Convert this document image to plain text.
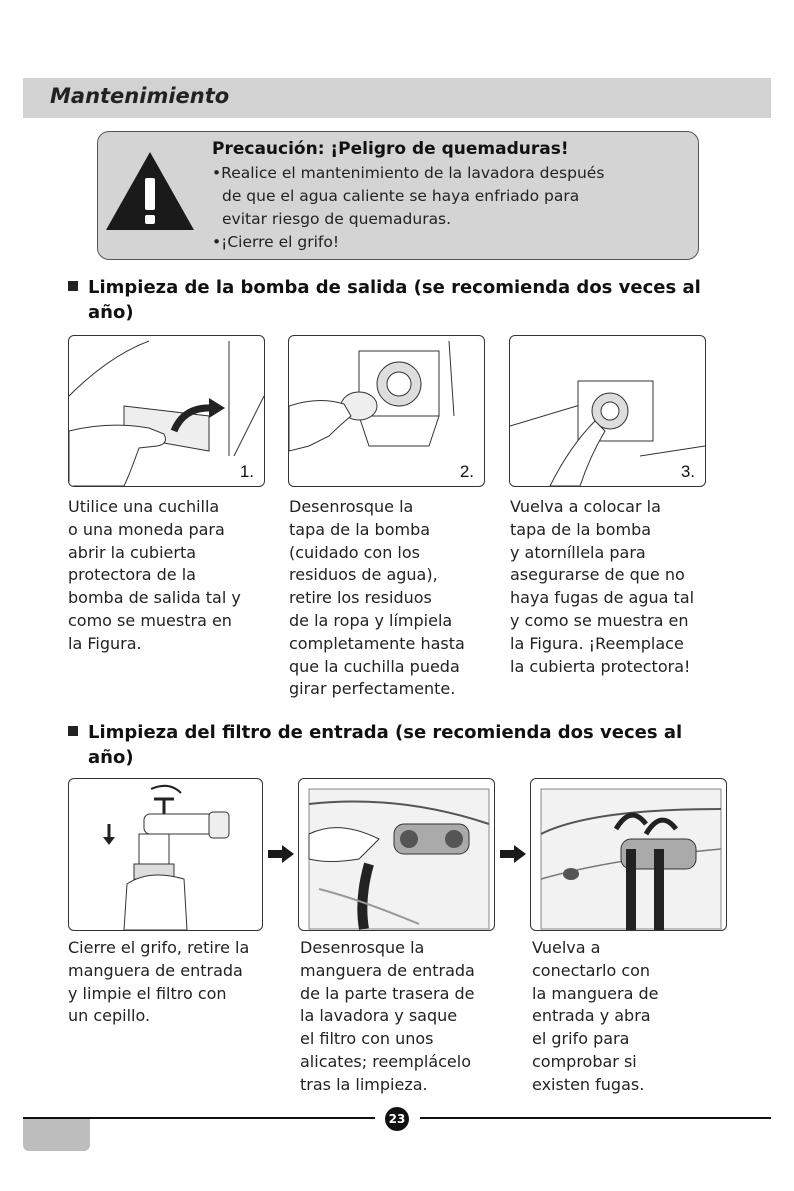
Mantenimiento
Precaución: ¡Peligro de quemaduras!
•Realice el mantenimiento de la lavadora después
de que el agua caliente se haya enfriado para
evitar riesgo de quemaduras.
•¡Cierre el grifo!
Limpieza de la bomba de salida (se recomienda dos veces al
año)
1.	2.	3.
Utilice una cuchilla
o una moneda para
abrir la cubierta
protectora de la
bomba de salida tal y
como se muestra en
la Figura.
Desenrosque la
tapa de la bomba
(cuidado con los
residuos de agua),
retire los residuos
de la ropa y límpiela
completamente hasta
que la cuchilla pueda
girar perfectamente.
Vuelva a colocar la
tapa de la bomba
y atorníllela para
asegurarse de que no
haya fugas de agua tal
y como se muestra en
la Figura. ¡Reemplace
la cubierta protectora!
Limpieza del filtro de entrada (se recomienda dos veces al
año)
Cierre el grifo, retire la
manguera de entrada
y limpie el filtro con
un cepillo.
Desenrosque la
manguera de entrada
de la parte trasera de
la lavadora y saque
el filtro con unos
alicates; reemplácelo
tras la limpieza.
Vuelva a
conectarlo con
la manguera de
entrada y abra
el grifo para
comprobar si
existen fugas.
23
